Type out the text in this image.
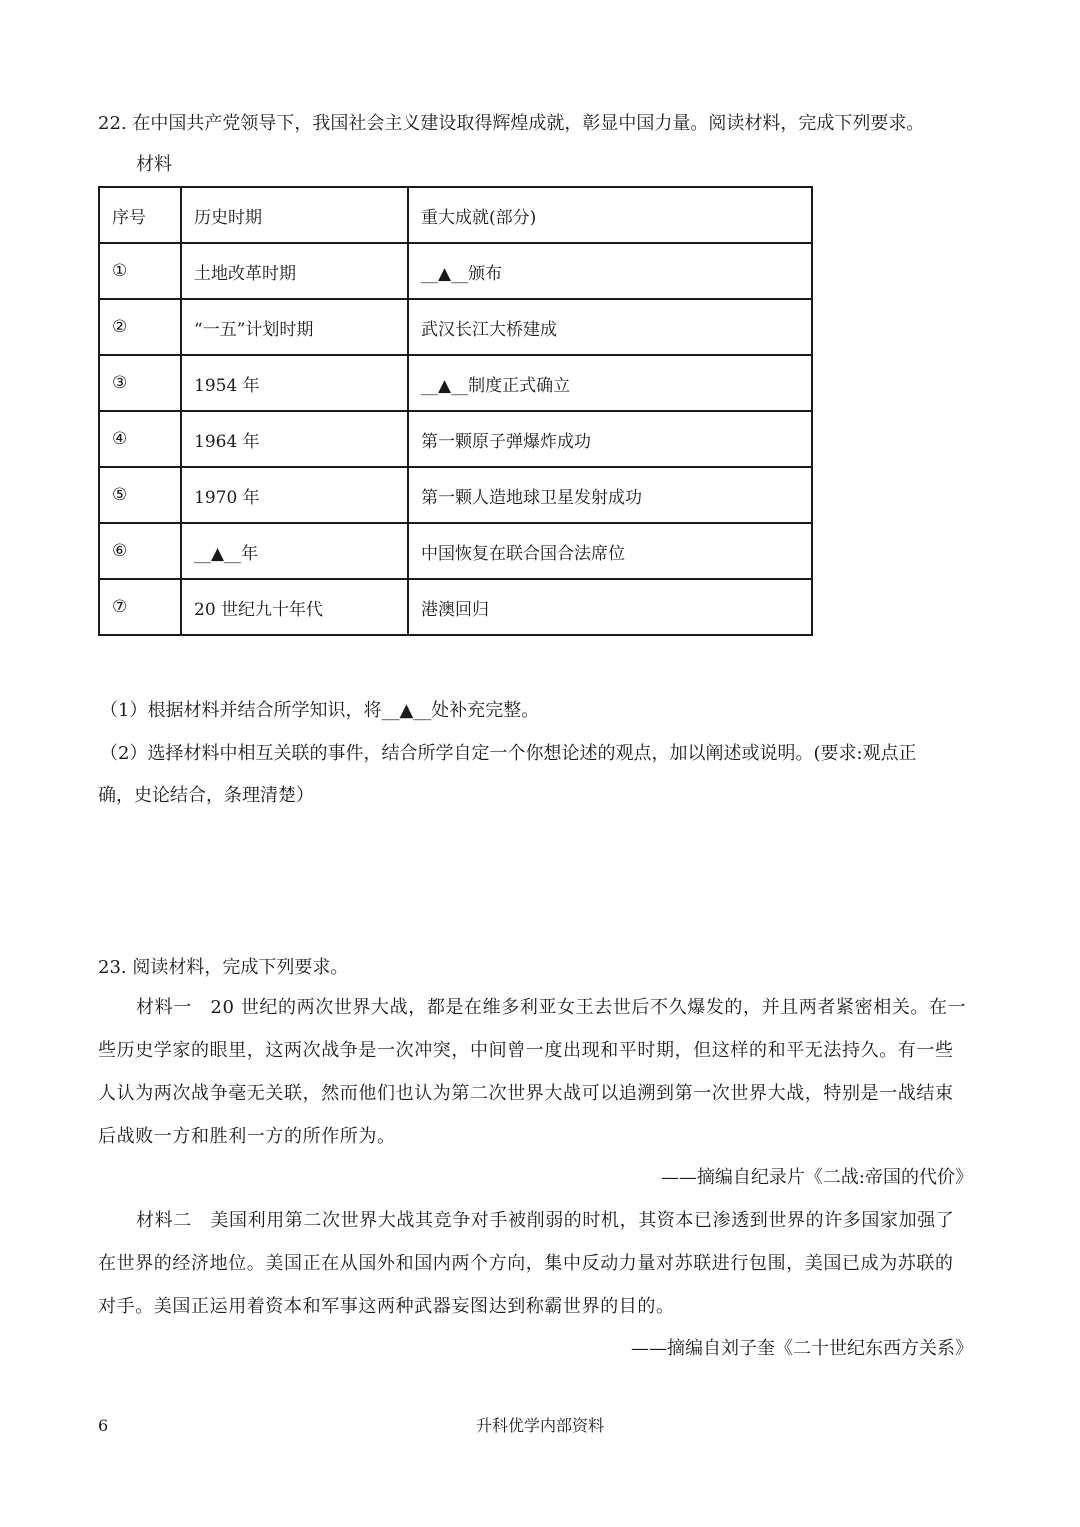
22. 在中国共产党领导下，我国社会主义建设取得辉煌成就，彰显中国力量。阅读材料，完成下列要求。
材料
序号	历史时期	重大成就(部分)
①	土地改革时期	__▲__颁布
②	“一五”计划时期	武汉长江大桥建成
③	1954 年	__▲__制度正式确立
④	1964 年	第一颗原子弹爆炸成功
⑤	1970 年	第一颗人造地球卫星发射成功
⑥	__▲__年	中国恢复在联合国合法席位
⑦	20 世纪九十年代	港澳回归
（1）根据材料并结合所学知识，将__▲__处补充完整。
（2）选择材料中相互关联的事件，结合所学自定一个你想论述的观点，加以阐述或说明。(要求:观点正
确，史论结合，条理清楚）
23. 阅读材料，完成下列要求。
材料一　20 世纪的两次世界大战，都是在维多利亚女王去世后不久爆发的，并且两者紧密相关。在一
些历史学家的眼里，这两次战争是一次冲突，中间曾一度出现和平时期，但这样的和平无法持久。有一些
人认为两次战争毫无关联，然而他们也认为第二次世界大战可以追溯到第一次世界大战，特别是一战结束
后战败一方和胜利一方的所作所为。
——摘编自纪录片《二战:帝国的代价》
材料二　美国利用第二次世界大战其竞争对手被削弱的时机，其资本已渗透到世界的许多国家加强了
在世界的经济地位。美国正在从国外和国内两个方向，集中反动力量对苏联进行包围，美国已成为苏联的
对手。美国正运用着资本和军事这两种武器妄图达到称霸世界的目的。
——摘编自刘子奎《二十世纪东西方关系》
6	升科优学内部资料
